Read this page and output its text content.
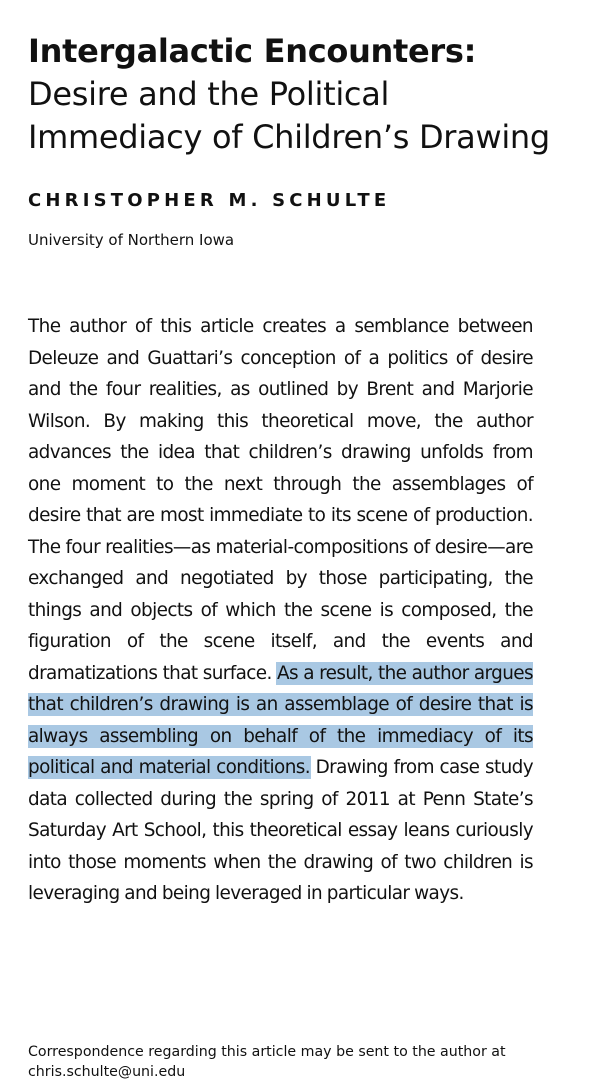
Intergalactic Encounters: Desire and the Political Immediacy of Children’s Drawing
CHRISTOPHER M. SCHULTE
University of Northern Iowa

The author of this article creates a semblance between Deleuze and Guattari’s conception of a politics of desire and the four realities, as outlined by Brent and Marjorie Wilson. By making this theoretical move, the author advances the idea that children’s drawing unfolds from one moment to the next through the assemblages of desire that are most immediate to its scene of production. The four realities—as material-compositions of desire—are exchanged and negotiated by those participating, the things and objects of which the scene is composed, the figuration of the scene itself, and the events and dramatizations that surface. As a result, the author argues that children’s drawing is an assemblage of desire that is always assembling on behalf of the immediacy of its political and material conditions. Drawing from case study data collected during the spring of 2011 at Penn State’s Saturday Art School, this theoretical essay leans curiously into those moments when the drawing of two children is leveraging and being leveraged in particular ways.

Correspondence regarding this article may be sent to the author at
chris.schulte@uni.edu
